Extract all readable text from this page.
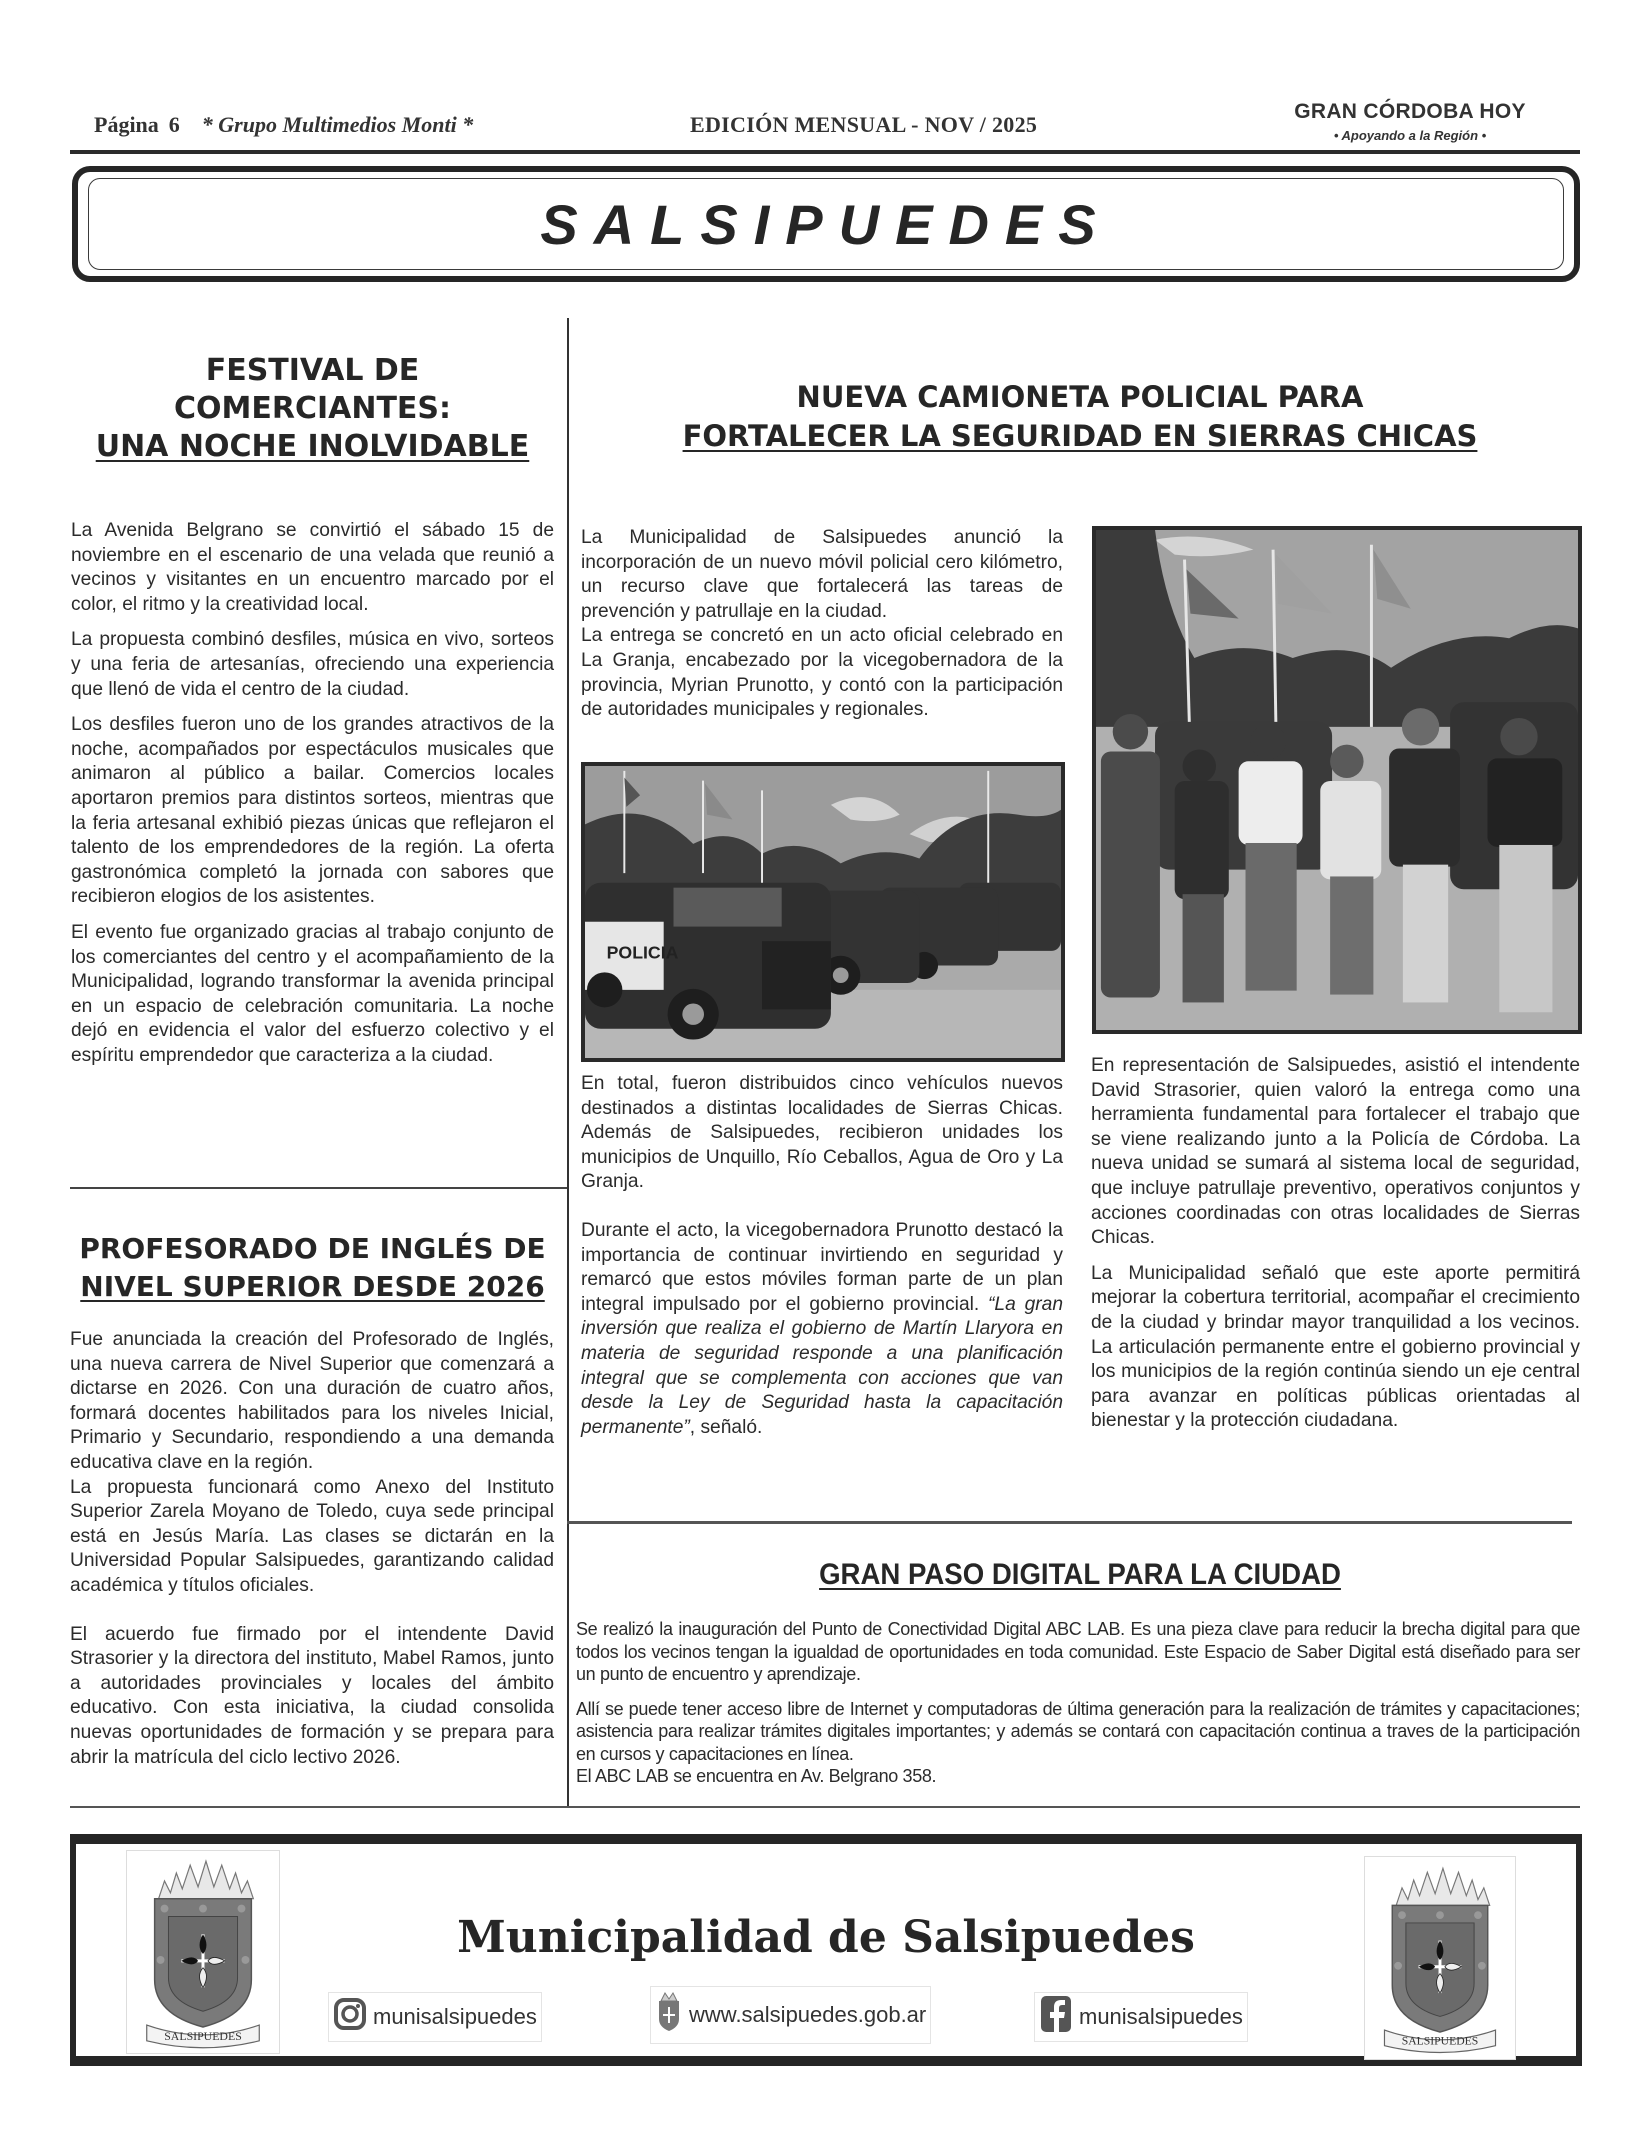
Página 6 * Grupo Multimedios Monti *	EDICIÓN MENSUAL - NOV / 2025
GRAN CÓRDOBA HOY
• Apoyando a la Región •
SALSIPUEDES
FESTIVAL DE
COMERCIANTES:
UNA NOCHE INOLVIDABLE

La Avenida Belgrano se convirtió el sábado 15 de noviembre en el escenario de una velada que reunió a vecinos y visitantes en un encuentro marcado por el color, el ritmo y la creatividad local.

La propuesta combinó desfiles, música en vivo, sorteos y una feria de artesanías, ofreciendo una experiencia que llenó de vida el centro de la ciudad.

Los desfiles fueron uno de los grandes atractivos de la noche, acompañados por espectáculos musicales que animaron al público a bailar. Comercios locales aportaron premios para distintos sorteos, mientras que la feria artesanal exhibió piezas únicas que reflejaron el talento de los emprendedores de la región. La oferta gastronómica completó la jornada con sabores que recibieron elogios de los asistentes.

El evento fue organizado gracias al trabajo conjunto de los comerciantes del centro y el acompañamiento de la Municipalidad, logrando transformar la avenida principal en un espacio de celebración comunitaria. La noche dejó en evidencia el valor del esfuerzo colectivo y el espíritu emprendedor que caracteriza a la ciudad.

PROFESORADO DE INGLÉS DE
NIVEL SUPERIOR DESDE 2026

Fue anunciada la creación del Profesorado de Inglés, una nueva carrera de Nivel Superior que comenzará a dictarse en 2026. Con una duración de cuatro años, formará docentes habilitados para los niveles Inicial, Primario y Secundario, respondiendo a una demanda educativa clave en la región.

La propuesta funcionará como Anexo del Instituto Superior Zarela Moyano de Toledo, cuya sede principal está en Jesús María. Las clases se dictarán en la Universidad Popular Salsipuedes, garantizando calidad académica y títulos oficiales.

El acuerdo fue firmado por el intendente David Strasorier y la directora del instituto, Mabel Ramos, junto a autoridades provinciales y locales del ámbito educativo. Con esta iniciativa, la ciudad consolida nuevas oportunidades de formación y se prepara para abrir la matrícula del ciclo lectivo 2026.

NUEVA CAMIONETA POLICIAL PARA
FORTALECER LA SEGURIDAD EN SIERRAS CHICAS

La Municipalidad de Salsipuedes anunció la incorporación de un nuevo móvil policial cero kilómetro, un recurso clave que fortalecerá las tareas de prevención y patrullaje en la ciudad.

La entrega se concretó en un acto oficial celebrado en La Granja, encabezado por la vicegobernadora de la provincia, Myrian Prunotto, y contó con la participación de autoridades municipales y regionales.

POLICIA

En total, fueron distribuidos cinco vehículos nuevos destinados a distintas localidades de Sierras Chicas. Además de Salsipuedes, recibieron unidades los municipios de Unquillo, Río Ceballos, Agua de Oro y La Granja.

Durante el acto, la vicegobernadora Prunotto destacó la importancia de continuar invirtiendo en seguridad y remarcó que estos móviles forman parte de un plan integral impulsado por el gobierno provincial. “La gran inversión que realiza el gobierno de Martín Llaryora en materia de seguridad responde a una planificación integral que se complementa con acciones que van desde la Ley de Seguridad hasta la capacitación permanente”, señaló.

En representación de Salsipuedes, asistió el intendente David Strasorier, quien valoró la entrega como una herramienta fundamental para fortalecer el trabajo que se viene realizando junto a la Policía de Córdoba. La nueva unidad se sumará al sistema local de seguridad, que incluye patrullaje preventivo, operativos conjuntos y acciones coordinadas con otras localidades de Sierras Chicas.

La Municipalidad señaló que este aporte permitirá mejorar la cobertura territorial, acompañar el crecimiento de la ciudad y brindar mayor tranquilidad a los vecinos. La articulación permanente entre el gobierno provincial y los municipios de la región continúa siendo un eje central para avanzar en políticas públicas orientadas al bienestar y la protección ciudadana.

GRAN PASO DIGITAL PARA LA CIUDAD

Se realizó la inauguración del Punto de Conectividad Digital ABC LAB. Es una pieza clave para reducir la brecha digital para que todos los vecinos tengan la igualdad de oportunidades en toda comunidad. Este Espacio de Saber Digital está diseñado para ser un punto de encuentro y aprendizaje.

Allí se puede tener acceso libre de Internet y computadoras de última generación para la realización de trámites y capacitaciones; asistencia para realizar trámites digitales importantes; y además se contará con capacitación continua a traves de la participación en cursos y capacitaciones en línea.

El ABC LAB se encuentra en Av. Belgrano 358.

SALSIPUEDES
Municipalidad de Salsipuedes
munisalsipuedes	www.salsipuedes.gob.ar	munisalsipuedes
SALSIPUEDES
